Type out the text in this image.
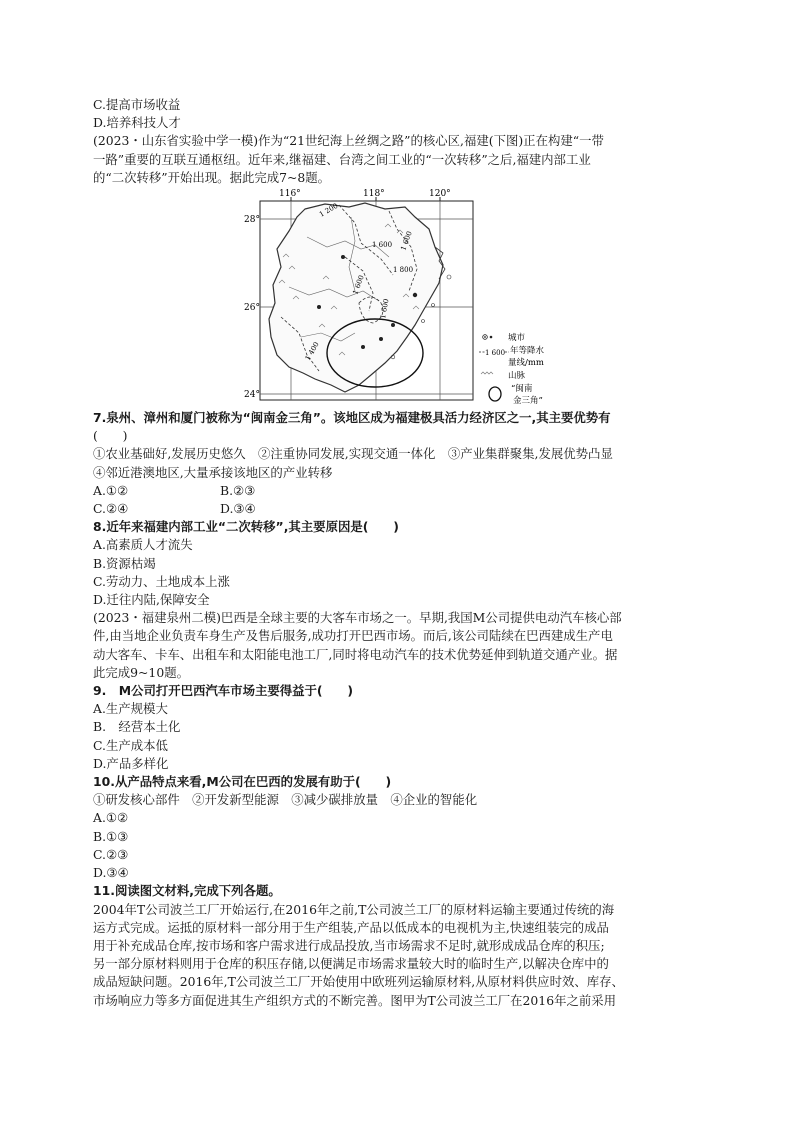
C.提高市场收益

D.培养科技人才

(2023・山东省实验中学一模)作为“21世纪海上丝绸之路”的核心区,福建(下图)正在构建“一带

一路”重要的互联互通枢纽。近年来,继福建、台湾之间工业的“一次转移”之后,福建内部工业

的“二次转移”开始出现。据此完成7~8题。

116°	118°	120°
28°
26°
24°
1 200
1 600
1 800
1 600
1 600
1 600
1 400
城市
1 600 年等降水 量线/mm
山脉
“闽南 金三角”

7.泉州、漳州和厦门被称为“闽南金三角”。该地区成为福建极具活力经济区之一,其主要优势有

(　　)

①农业基础好,发展历史悠久　②注重协同发展,实现交通一体化　③产业集群聚集,发展优势凸显

④邻近港澳地区,大量承接该地区的产业转移

A.①②	B.②③
C.②④	D.③④

8.近年来福建内部工业“二次转移”,其主要原因是(　　)

A.高素质人才流失

B.资源枯竭

C.劳动力、土地成本上涨

D.迁往内陆,保障安全

(2023・福建泉州二模)巴西是全球主要的大客车市场之一。早期,我国M公司提供电动汽车核心部

件,由当地企业负责车身生产及售后服务,成功打开巴西市场。而后,该公司陆续在巴西建成生产电

动大客车、卡车、出租车和太阳能电池工厂,同时将电动汽车的技术优势延伸到轨道交通产业。据

此完成9~10题。

9.　M公司打开巴西汽车市场主要得益于(　　)

A.生产规模大

B.　经营本土化

C.生产成本低

D.产品多样化

10.从产品特点来看,M公司在巴西的发展有助于(　　)

①研发核心部件　②开发新型能源　③减少碳排放量　④企业的智能化

A.①②

B.①③

C.②③

D.③④

11.阅读图文材料,完成下列各题。

2004年T公司波兰工厂开始运行,在2016年之前,T公司波兰工厂的原材料运输主要通过传统的海

运方式完成。运抵的原材料一部分用于生产组装,产品以低成本的电视机为主,快速组装完的成品

用于补充成品仓库,按市场和客户需求进行成品投放,当市场需求不足时,就形成成品仓库的积压;

另一部分原材料则用于仓库的积压存储,以便满足市场需求量较大时的临时生产,以解决仓库中的

成品短缺问题。2016年,T公司波兰工厂开始使用中欧班列运输原材料,从原材料供应时效、库存、

市场响应力等多方面促进其生产组织方式的不断完善。图甲为T公司波兰工厂在2016年之前采用
